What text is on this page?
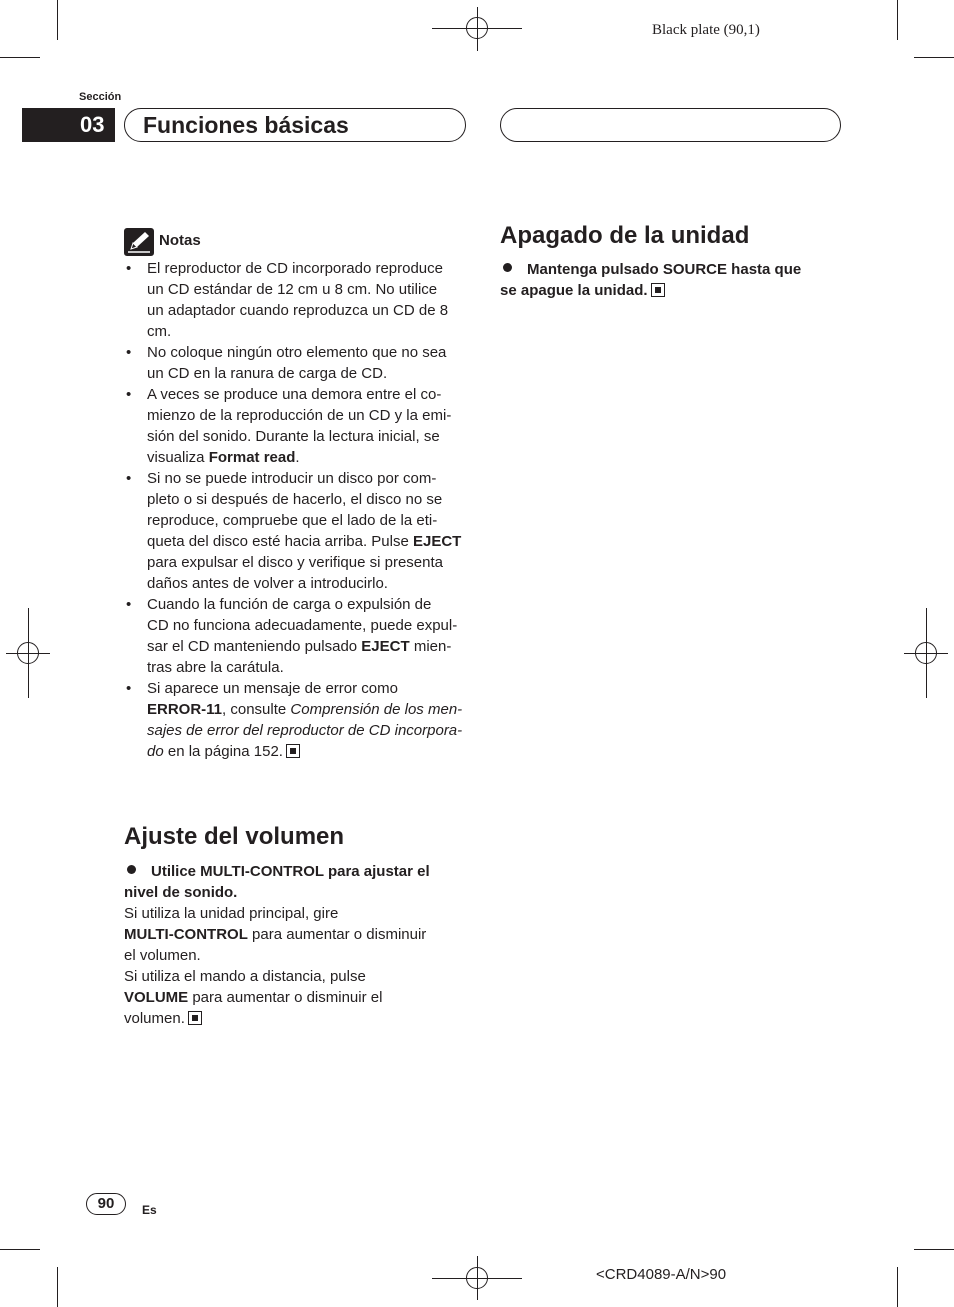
Black plate (90,1)
Sección
03	Funciones básicas
Notas

• El reproductor de CD incorporado reproduce
un CD estándar de 12 cm u 8 cm. No utilice
un adaptador cuando reproduzca un CD de 8
cm.

• No coloque ningún otro elemento que no sea
un CD en la ranura de carga de CD.

• A veces se produce una demora entre el co-
mienzo de la reproducción de un CD y la emi-
sión del sonido. Durante la lectura inicial, se
visualiza Format read.

• Si no se puede introducir un disco por com-
pleto o si después de hacerlo, el disco no se
reproduce, compruebe que el lado de la eti-
queta del disco esté hacia arriba. Pulse EJECT
para expulsar el disco y verifique si presenta
daños antes de volver a introducirlo.

• Cuando la función de carga o expulsión de
CD no funciona adecuadamente, puede expul-
sar el CD manteniendo pulsado EJECT mien-
tras abre la carátula.

• Si aparece un mensaje de error como
ERROR-11, consulte Comprensión de los men-
sajes de error del reproductor de CD incorpora-
do en la página 152.

Ajuste del volumen
Utilice MULTI-CONTROL para ajustar el
nivel de sonido.
Si utiliza la unidad principal, gire
MULTI-CONTROL para aumentar o disminuir
el volumen.
Si utiliza el mando a distancia, pulse
VOLUME para aumentar o disminuir el
volumen.
Apagado de la unidad
Mantenga pulsado SOURCE hasta que
se apague la unidad.
90	Es
<CRD4089-A/N>90
